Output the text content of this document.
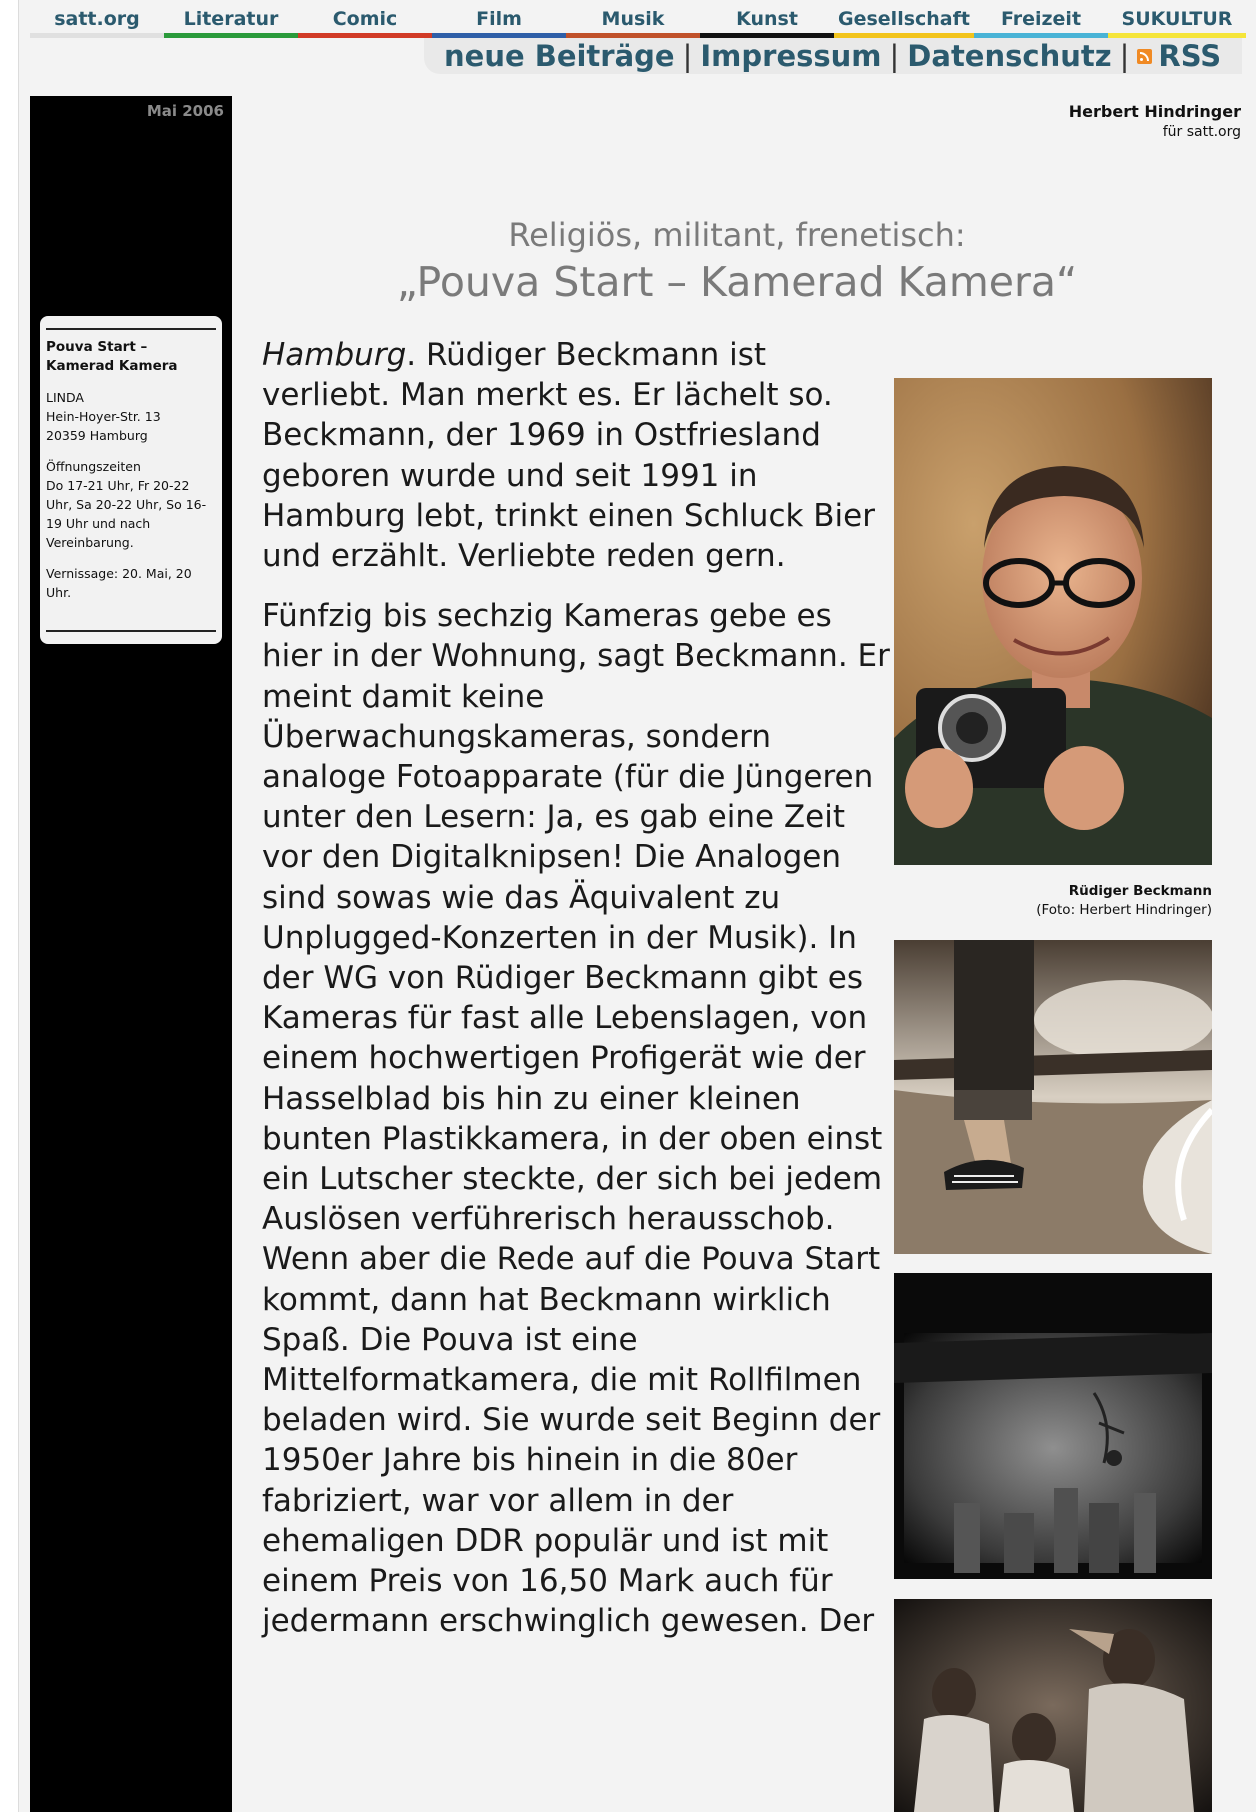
satt.org	Literatur	Comic	Film	Musik	Kunst	Gesellschaft	Freizeit	SUKULTUR
neue Beiträge | Impressum | Datenschutz | RSS
Mai 2006

Pouva Start –
Kamerad Kamera

LINDA
Hein-Hoyer-Str. 13
20359 Hamburg

Öffnungszeiten
Do 17-21 Uhr, Fr 20-22 Uhr, Sa 20-22 Uhr, So 16-19 Uhr und nach Vereinbarung.

Vernissage: 20. Mai, 20 Uhr.

Herbert Hindringer
für satt.org
Religiös, militant, frenetisch:
„Pouva Start – Kamerad Kamera“

Hamburg. Rüdiger Beckmann ist verliebt. Man merkt es. Er lächelt so. Beckmann, der 1969 in Ostfriesland geboren wurde und seit 1991 in Hamburg lebt, trinkt einen Schluck Bier und erzählt. Verliebte reden gern.

Fünfzig bis sechzig Kameras gebe es hier in der Wohnung, sagt Beckmann. Er meint damit keine Überwachungskameras, sondern analoge Fotoapparate (für die Jüngeren unter den Lesern: Ja, es gab eine Zeit vor den Digitalknipsen! Die Analogen sind sowas wie das Äquivalent zu Unplugged-Konzerten in der Musik). In der WG von Rüdiger Beckmann gibt es Kameras für fast alle Lebenslagen, von einem hochwertigen Profigerät wie der Hasselblad bis hin zu einer kleinen bunten Plastikkamera, in der oben einst ein Lutscher steckte, der sich bei jedem Auslösen verführerisch herausschob. Wenn aber die Rede auf die Pouva Start kommt, dann hat Beckmann wirklich Spaß. Die Pouva ist eine Mittelformatkamera, die mit Rollfilmen beladen wird. Sie wurde seit Beginn der 1950er Jahre bis hinein in die 80er fabriziert, war vor allem in der ehemaligen DDR populär und ist mit einem Preis von 16,50 Mark auch für jedermann erschwinglich gewesen. Der

Rüdiger Beckmann
(Foto: Herbert Hindringer)
